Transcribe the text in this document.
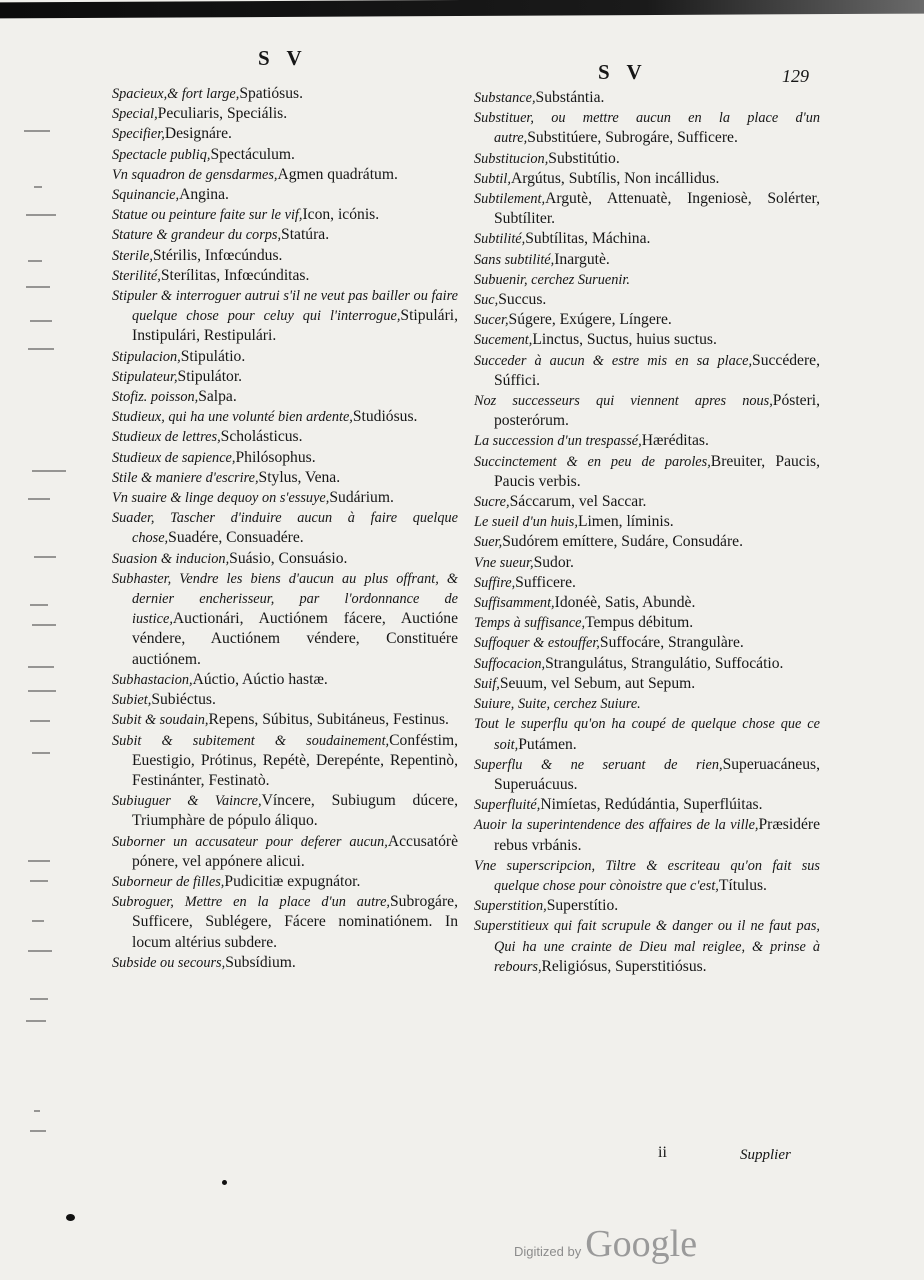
S V
S V	129
Spacieux,& fort large,Spatiósus.
Special,Peculiaris, Speciális.
Specifier,Designáre.
Spectacle publiq,Spectáculum.
Vn squadron de gensdarmes,Agmen quadrátum.
Squinancie,Angina.
Statue ou peinture faite sur le vif,Icon, icónis.
Stature & grandeur du corps,Statúra.
Sterile,Stérilis, Infœcúndus.
Sterilité,Sterílitas, Infœcúnditas.
Stipuler & interroguer autrui s'il ne veut pas bailler ou faire quelque chose pour celuy qui l'interrogue,Stipulári, Instipulári, Restipulári.
Stipulacion,Stipulátio.
Stipulateur,Stipulátor.
Stofiz. poisson,Salpa.
Studieux, qui ha une volunté bien ardente,Studiósus.
Studieux de lettres,Scholásticus.
Studieux de sapience,Philósophus.
Stile & maniere d'escrire,Stylus, Vena.
Vn suaire & linge dequoy on s'essuye,Sudárium.
Suader, Tascher d'induire aucun à faire quelque chose,Suadére, Consuadére.
Suasion & inducion,Suásio, Consuásio.
Subhaster, Vendre les biens d'aucun au plus offrant, & dernier encherisseur, par l'ordonnance de iustice,Auctionári, Auctiónem fácere, Auctióne véndere, Auctiónem véndere, Constituére auctiónem.
Subhastacion,Aúctio, Aúctio hastæ.
Subiet,Subiéctus.
Subit & soudain,Repens, Súbitus, Subitáneus, Festinus.
Subit & subitement & soudainement,Conféstim, Euestigio, Prótinus, Repétè, Derepénte, Repentinò, Festinánter, Festinatò.
Subiuguer & Vaincre,Víncere, Subiugum dúcere, Triumphàre de pópulo áliquo.
Suborner un accusateur pour deferer aucun,Accusatórè pónere, vel appónere alicui.
Suborneur de filles,Pudicitiæ expugnátor.
Subroguer, Mettre en la place d'un autre,Subrogáre, Sufficere, Sublégere, Fácere nominatiónem. In locum altérius subdere.
Subside ou secours,Subsídium.
Substance,Substántia.
Substituer, ou mettre aucun en la place d'un autre,Substitúere, Subrogáre, Sufficere.
Substitucion,Substitútio.
Subtil,Argútus, Subtílis, Non incállidus.
Subtilement,Argutè, Attenuatè, Ingeniosè, Solérter, Subtíliter.
Subtilité,Subtílitas, Máchina.
Sans subtilité,Inargutè.
Subuenir, cerchez Suruenir.
Suc,Succus.
Sucer,Súgere, Exúgere, Língere.
Sucement,Linctus, Suctus, huius suctus.
Succeder à aucun & estre mis en sa place,Succédere, Súffici.
Noz successeurs qui viennent apres nous,Pósteri, posterórum.
La succession d'un trespassé,Hæréditas.
Succinctement & en peu de paroles,Breuiter, Paucis, Paucis verbis.
Sucre,Sáccarum, vel Saccar.
Le sueil d'un huis,Limen, líminis.
Suer,Sudórem emíttere, Sudáre, Consudáre.
Vne sueur,Sudor.
Suffire,Sufficere.
Suffisamment,Idonéè, Satis, Abundè.
Temps à suffisance,Tempus débitum.
Suffoquer & estouffer,Suffocáre, Strangulàre.
Suffocacion,Strangulátus, Strangulátio, Suffocátio.
Suif,Seuum, vel Sebum, aut Sepum.
Suiure, Suite, cerchez Suiure.
Tout le superflu qu'on ha coupé de quelque chose que ce soit,Putámen.
Superflu & ne seruant de rien,Superuacáneus, Superuácuus.
Superfluité,Nimíetas, Redúdántia, Superflúitas.
Auoir la superintendence des affaires de la ville,Præsidére rebus vrbánis.
Vne superscripcion, Tiltre & escriteau qu'on fait sus quelque chose pour cònoistre que c'est,Títulus.
Superstition,Superstítio.
Superstitieux qui fait scrupule & danger ou il ne faut pas, Qui ha une crainte de Dieu mal reiglee, & prinse à rebours,Religiósus, Superstitiósus.
ii	Supplier
Digitized by Google
